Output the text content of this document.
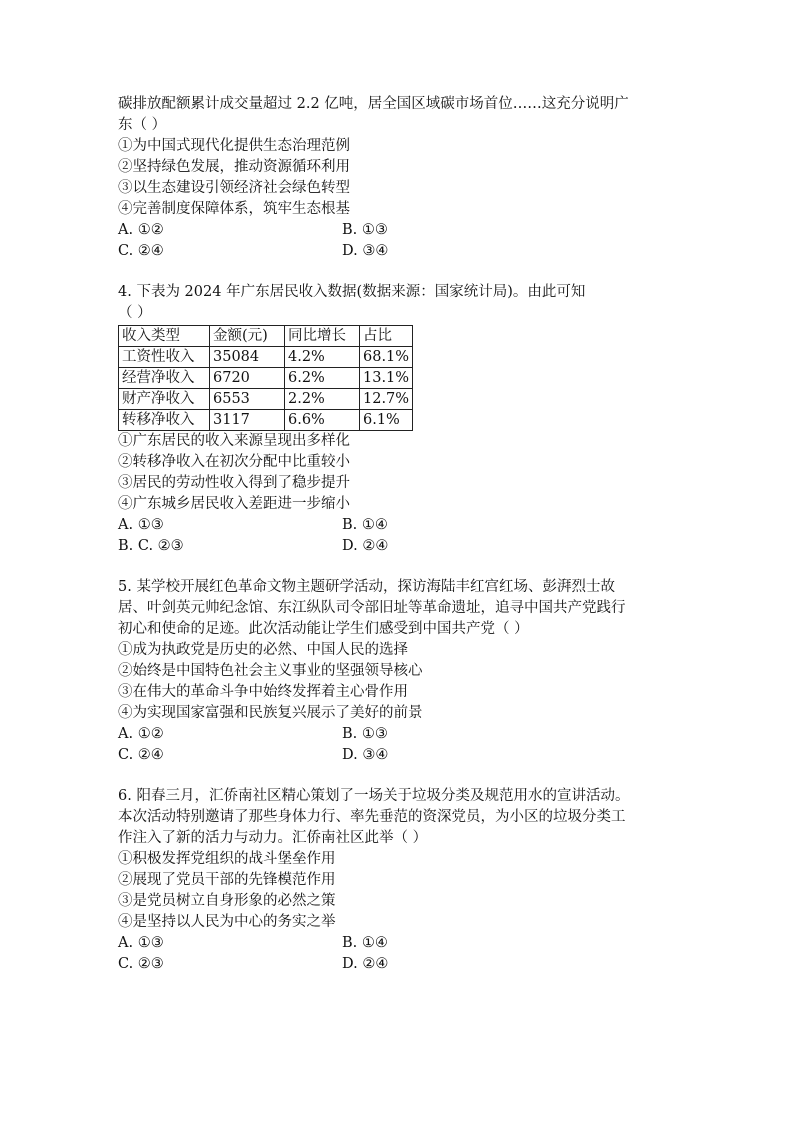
碳排放配额累计成交量超过 2.2 亿吨，居全国区域碳市场首位……这充分说明广
东（ ）
①为中国式现代化提供生态治理范例
②坚持绿色发展，推动资源循环利用
③以生态建设引领经济社会绿色转型
④完善制度保障体系，筑牢生态根基
A. ①②	B. ①③
C. ②④	D. ③④
4. 下表为 2024 年广东居民收入数据(数据来源：国家统计局)。由此可知
（ ）
收入类型	金额(元)	同比增长	占比
工资性收入	35084	4.2%	68.1%
经营净收入	6720	6.2%	13.1%
财产净收入	6553	2.2%	12.7%
转移净收入	3117	6.6%	6.1%
①广东居民的收入来源呈现出多样化
②转移净收入在初次分配中比重较小
③居民的劳动性收入得到了稳步提升
④广东城乡居民收入差距进一步缩小
A. ①③	B. ①④
B. C. ②③	D. ②④
5. 某学校开展红色革命文物主题研学活动，探访海陆丰红宫红场、彭湃烈士故
居、叶剑英元帅纪念馆、东江纵队司令部旧址等革命遗址，追寻中国共产党践行
初心和使命的足迹。此次活动能让学生们感受到中国共产党（ ）
①成为执政党是历史的必然、中国人民的选择
②始终是中国特色社会主义事业的坚强领导核心
③在伟大的革命斗争中始终发挥着主心骨作用
④为实现国家富强和民族复兴展示了美好的前景
A. ①②	B. ①③
C. ②④	D. ③④
6. 阳春三月，汇侨南社区精心策划了一场关于垃圾分类及规范用水的宣讲活动。
本次活动特别邀请了那些身体力行、率先垂范的资深党员，为小区的垃圾分类工
作注入了新的活力与动力。汇侨南社区此举（ ）
①积极发挥党组织的战斗堡垒作用
②展现了党员干部的先锋模范作用
③是党员树立自身形象的必然之策
④是坚持以人民为中心的务实之举
A. ①③	B. ①④
C. ②③	D. ②④
